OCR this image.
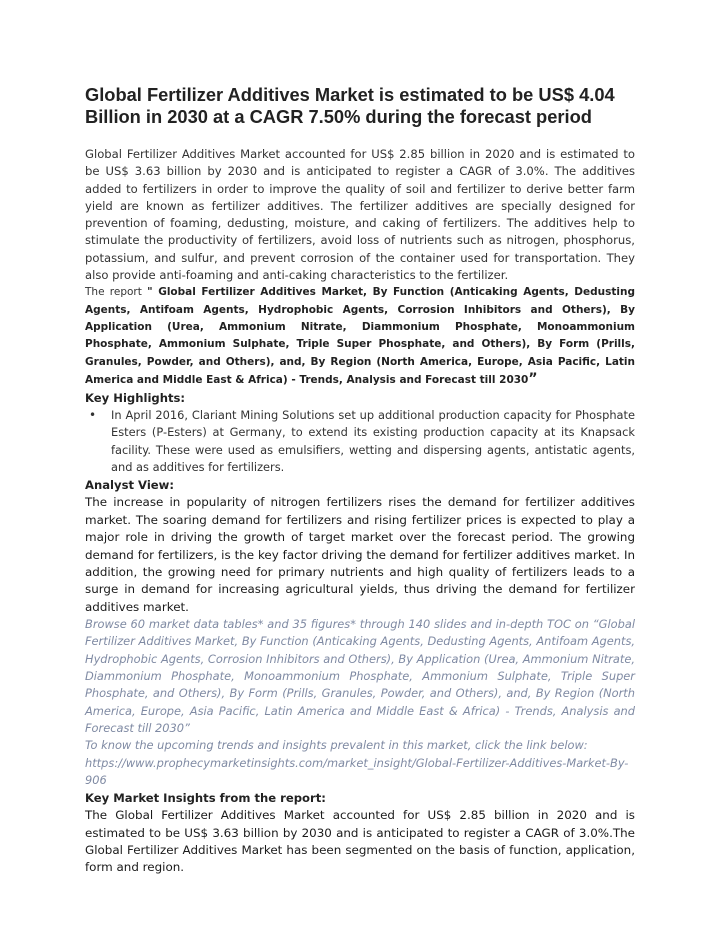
Global Fertilizer Additives Market is estimated to be US$ 4.04 Billion in 2030 at a CAGR 7.50% during the forecast period
Global Fertilizer Additives Market accounted for US$ 2.85 billion in 2020 and is estimated to be US$ 3.63 billion by 2030 and is anticipated to register a CAGR of 3.0%. The additives added to fertilizers in order to improve the quality of soil and fertilizer to derive better farm yield are known as fertilizer additives. The fertilizer additives are specially designed for prevention of foaming, dedusting, moisture, and caking of fertilizers. The additives help to stimulate the productivity of fertilizers, avoid loss of nutrients such as nitrogen, phosphorus, potassium, and sulfur, and prevent corrosion of the container used for transportation. They also provide anti-foaming and anti-caking characteristics to the fertilizer.
The report " Global Fertilizer Additives Market, By Function (Anticaking Agents, Dedusting Agents, Antifoam Agents, Hydrophobic Agents, Corrosion Inhibitors and Others), By Application (Urea, Ammonium Nitrate, Diammonium Phosphate, Monoammonium Phosphate, Ammonium Sulphate, Triple Super Phosphate, and Others), By Form (Prills, Granules, Powder, and Others), and, By Region (North America, Europe, Asia Pacific, Latin America and Middle East & Africa) - Trends, Analysis and Forecast till 2030”
Key Highlights:
• In April 2016, Clariant Mining Solutions set up additional production capacity for Phosphate Esters (P-Esters) at Germany, to extend its existing production capacity at its Knapsack facility. These were used as emulsifiers, wetting and dispersing agents, antistatic agents, and as additives for fertilizers.
Analyst View:
The increase in popularity of nitrogen fertilizers rises the demand for fertilizer additives market. The soaring demand for fertilizers and rising fertilizer prices is expected to play a major role in driving the growth of target market over the forecast period. The growing demand for fertilizers, is the key factor driving the demand for fertilizer additives market. In addition, the growing need for primary nutrients and high quality of fertilizers leads to a surge in demand for increasing agricultural yields, thus driving the demand for fertilizer additives market.
Browse 60 market data tables* and 35 figures* through 140 slides and in-depth TOC on “Global Fertilizer Additives Market, By Function (Anticaking Agents, Dedusting Agents, Antifoam Agents, Hydrophobic Agents, Corrosion Inhibitors and Others), By Application (Urea, Ammonium Nitrate, Diammonium Phosphate, Monoammonium Phosphate, Ammonium Sulphate, Triple Super Phosphate, and Others), By Form (Prills, Granules, Powder, and Others), and, By Region (North America, Europe, Asia Pacific, Latin America and Middle East & Africa) - Trends, Analysis and Forecast till 2030”
To know the upcoming trends and insights prevalent in this market, click the link below:
https://www.prophecymarketinsights.com/market_insight/Global-Fertilizer-Additives-Market-By-906
Key Market Insights from the report:
The Global Fertilizer Additives Market accounted for US$ 2.85 billion in 2020 and is estimated to be US$ 3.63 billion by 2030 and is anticipated to register a CAGR of 3.0%.The Global Fertilizer Additives Market has been segmented on the basis of function, application, form and region.
